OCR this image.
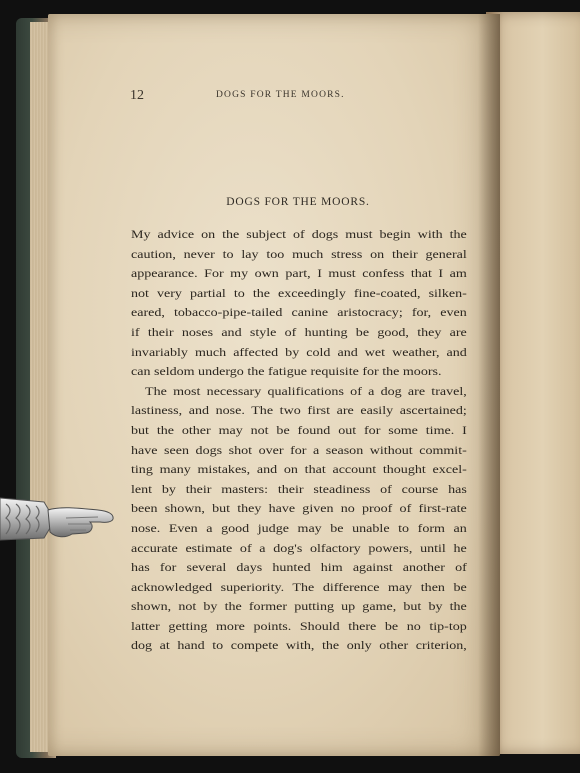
12	DOGS FOR THE MOORS.
DOGS FOR THE MOORS.
My advice on the subject of dogs must begin with the
caution, never to lay too much stress on their general
appearance. For my own part, I must confess that I am
not very partial to the exceedingly fine-coated, silken-
eared, tobacco-pipe-tailed canine aristocracy; for, even
if their noses and style of hunting be good, they are
invariably much affected by cold and wet weather, and
can seldom undergo the fatigue requisite for the moors.
The most necessary qualifications of a dog are travel,
lastiness, and nose. The two first are easily ascertained;
but the other may not be found out for some time. I
have seen dogs shot over for a season without commit-
ting many mistakes, and on that account thought excel-
lent by their masters: their steadiness of course has
been shown, but they have given no proof of first-rate
nose. Even a good judge may be unable to form an
accurate estimate of a dog's olfactory powers, until he
has for several days hunted him against another of
acknowledged superiority. The difference may then be
shown, not by the former putting up game, but by the
latter getting more points. Should there be no tip-top
dog at hand to compete with, the only other criterion,
